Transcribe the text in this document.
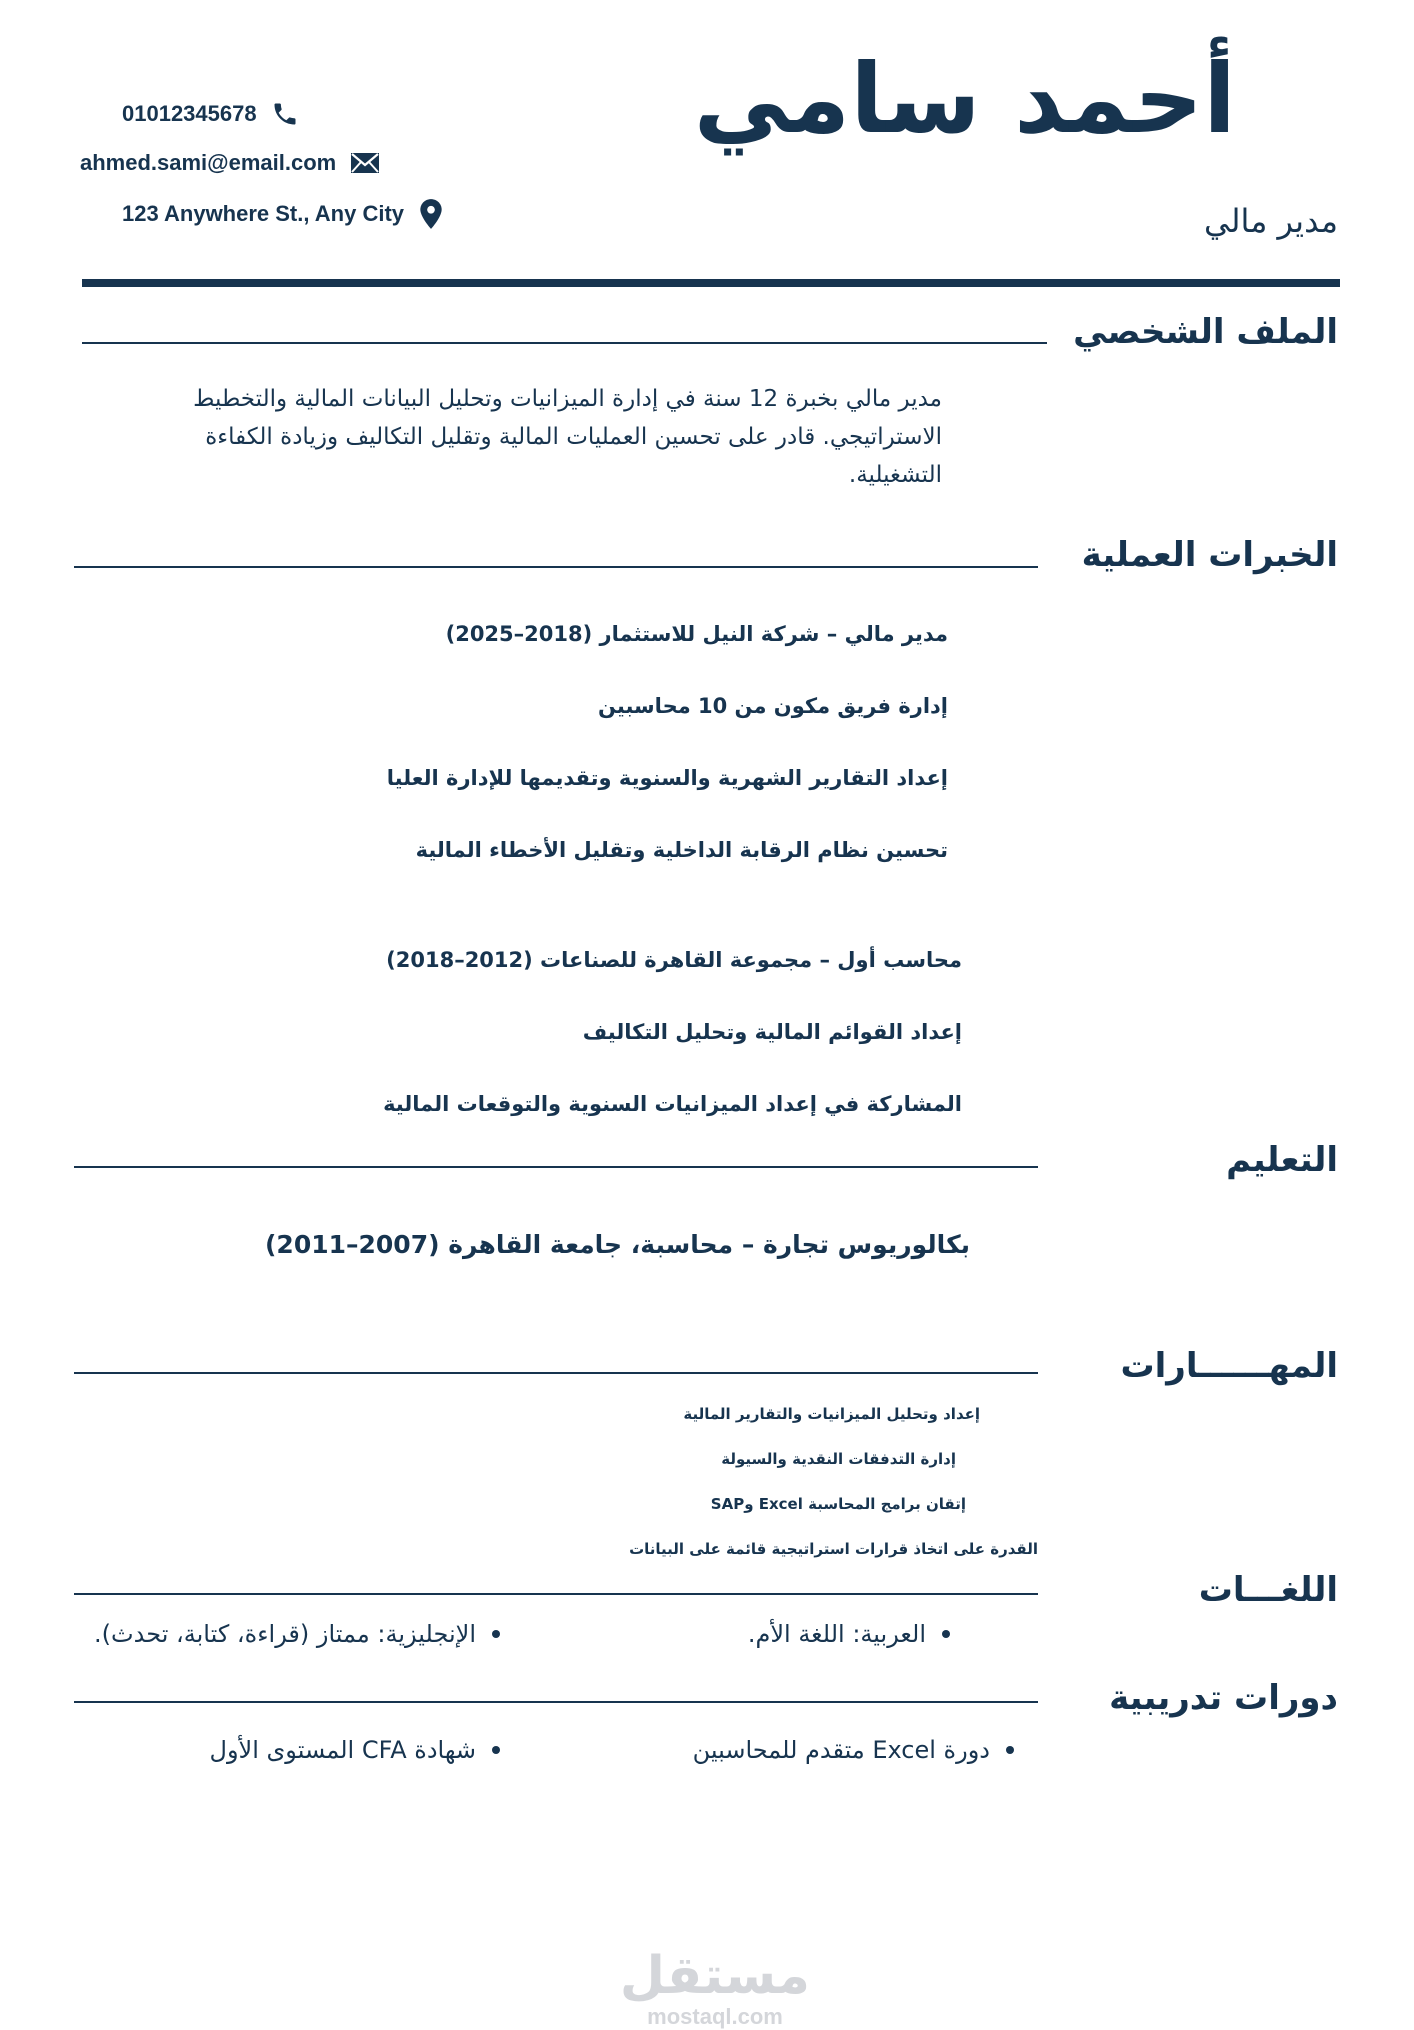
أحمد سامي
مدير مالي
01012345678
ahmed.sami@email.com
123 Anywhere St., Any City
الملف الشخصي
مدير مالي بخبرة 12 سنة في إدارة الميزانيات وتحليل البيانات المالية والتخطيط الاستراتيجي. قادر على تحسين العمليات المالية وتقليل التكاليف وزيادة الكفاءة التشغيلية.
الخبرات العملية
مدير مالي – شركة النيل للاستثمار (2018–2025)
إدارة فريق مكون من 10 محاسبين
إعداد التقارير الشهرية والسنوية وتقديمها للإدارة العليا
تحسين نظام الرقابة الداخلية وتقليل الأخطاء المالية
محاسب أول – مجموعة القاهرة للصناعات (2012–2018)
إعداد القوائم المالية وتحليل التكاليف
المشاركة في إعداد الميزانيات السنوية والتوقعات المالية
التعليم
بكالوريوس تجارة – محاسبة، جامعة القاهرة (2007–2011)
المهــــــارات
إعداد وتحليل الميزانيات والتقارير المالية
إدارة التدفقات النقدية والسيولة
إتقان برامج المحاسبة Excel وSAP
القدرة على اتخاذ قرارات استراتيجية قائمة على البيانات
اللغـــات
العربية: اللغة الأم.
الإنجليزية: ممتاز (قراءة، كتابة، تحدث).
دورات تدريبية
دورة Excel متقدم للمحاسبين
شهادة CFA المستوى الأول
مستقل
mostaql.com
